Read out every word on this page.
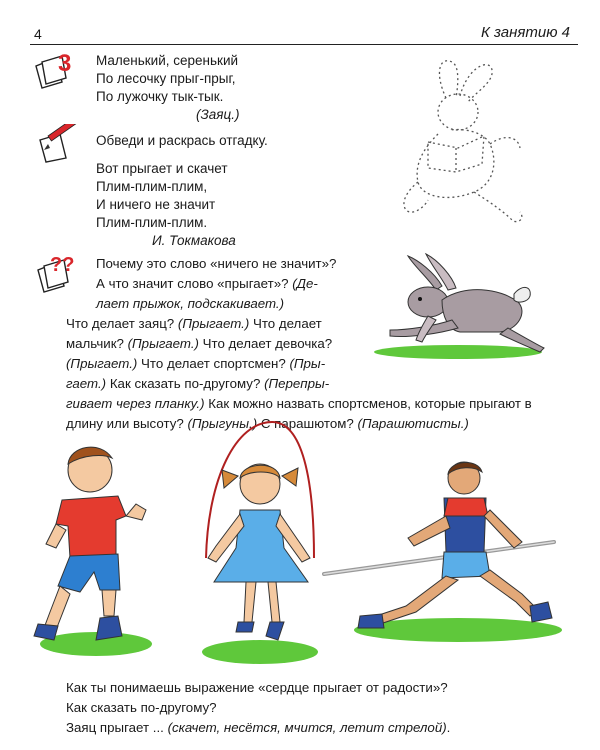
4	К занятию 4
3 Маленький, серенький
По лесочку прыг-прыг,
По лужочку тык-тык.
(Заяц.)
Обведи и раскрась отгадку.
Вот прыгает и скачет
Плим-плим-плим,
И ничего не значит
Плим-плим-плим.
И. Токмакова
?? Почему это слово «ничего не значит»?
А что значит слово «прыгает»? (Де-
лает прыжок, подскакивает.)
Что делает заяц? (Прыгает.) Что делает
мальчик? (Прыгает.) Что делает девочка?
(Прыгает.) Что делает спортсмен? (Пры-
гает.) Как сказать по-другому? (Перепры-
гивает через планку.) Как можно назвать спортсменов, которые прыгают в
длину или высоту? (Прыгуны.) С парашютом? (Парашютисты.)
Как ты понимаешь выражение «сердце прыгает от радости»?
Как сказать по-другому?
Заяц прыгает ... (скачет, несётся, мчится, летит стрелой).
